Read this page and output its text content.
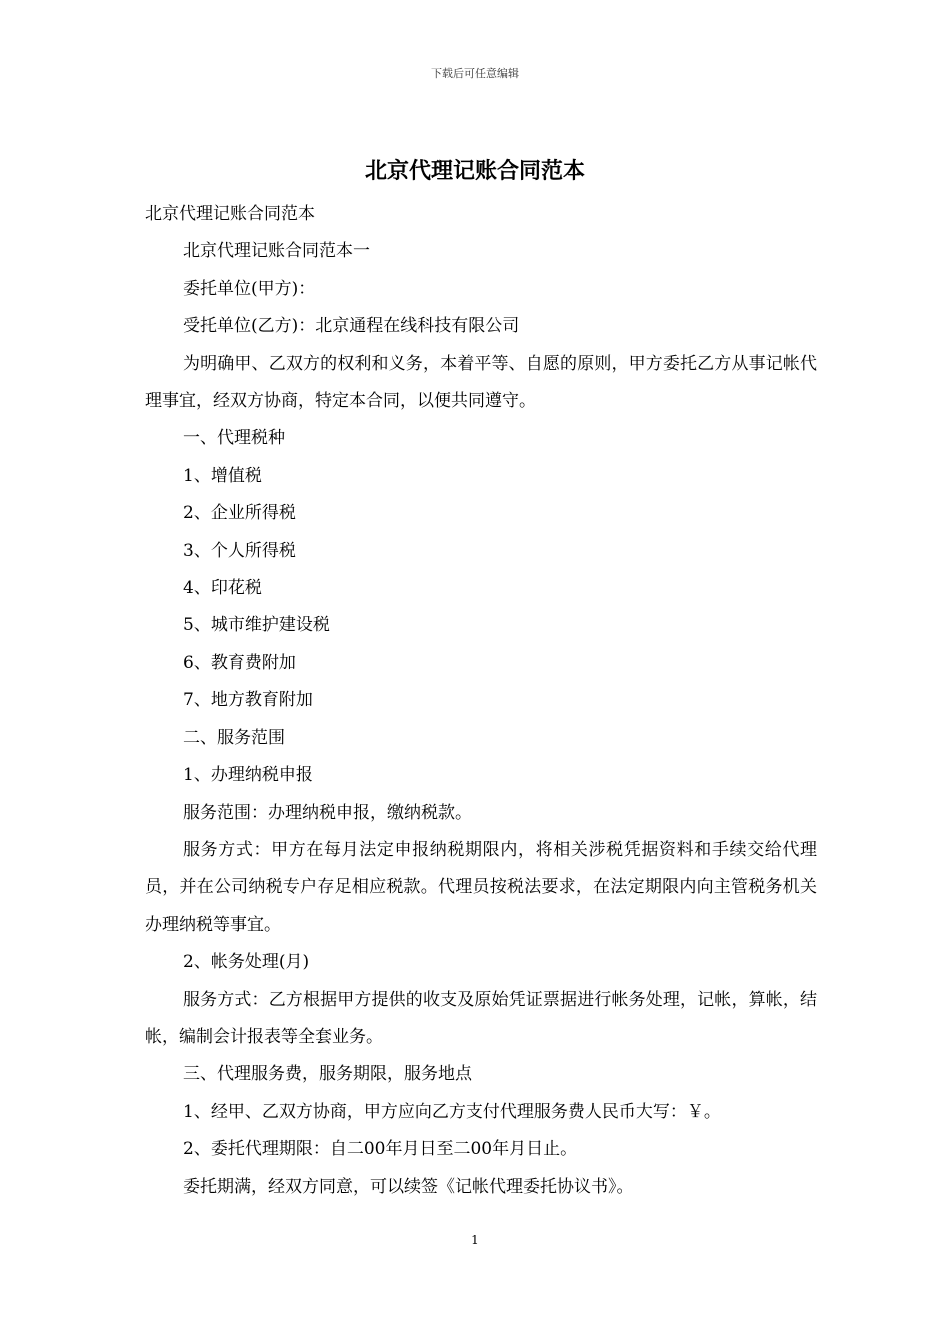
下载后可任意编辑
北京代理记账合同范本

北京代理记账合同范本

北京代理记账合同范本一

委托单位(甲方)：

受托单位(乙方)：北京通程在线科技有限公司

为明确甲、乙双方的权利和义务，本着平等、自愿的原则，甲方委托乙方从事记帐代理事宜，经双方协商，特定本合同，以便共同遵守。

一、代理税种

1、增值税

2、企业所得税

3、个人所得税

4、印花税

5、城市维护建设税

6、教育费附加

7、地方教育附加

二、服务范围

1、办理纳税申报

服务范围：办理纳税申报，缴纳税款。

服务方式：甲方在每月法定申报纳税期限内，将相关涉税凭据资料和手续交给代理员，并在公司纳税专户存足相应税款。代理员按税法要求，在法定期限内向主管税务机关办理纳税等事宜。

2、帐务处理(月)

服务方式：乙方根据甲方提供的收支及原始凭证票据进行帐务处理，记帐，算帐，结帐，编制会计报表等全套业务。

三、代理服务费，服务期限，服务地点

1、经甲、乙双方协商，甲方应向乙方支付代理服务费人民币大写：￥。

2、委托代理期限：自二00年月日至二00年月日止。

委托期满，经双方同意，可以续签《记帐代理委托协议书》。

1
